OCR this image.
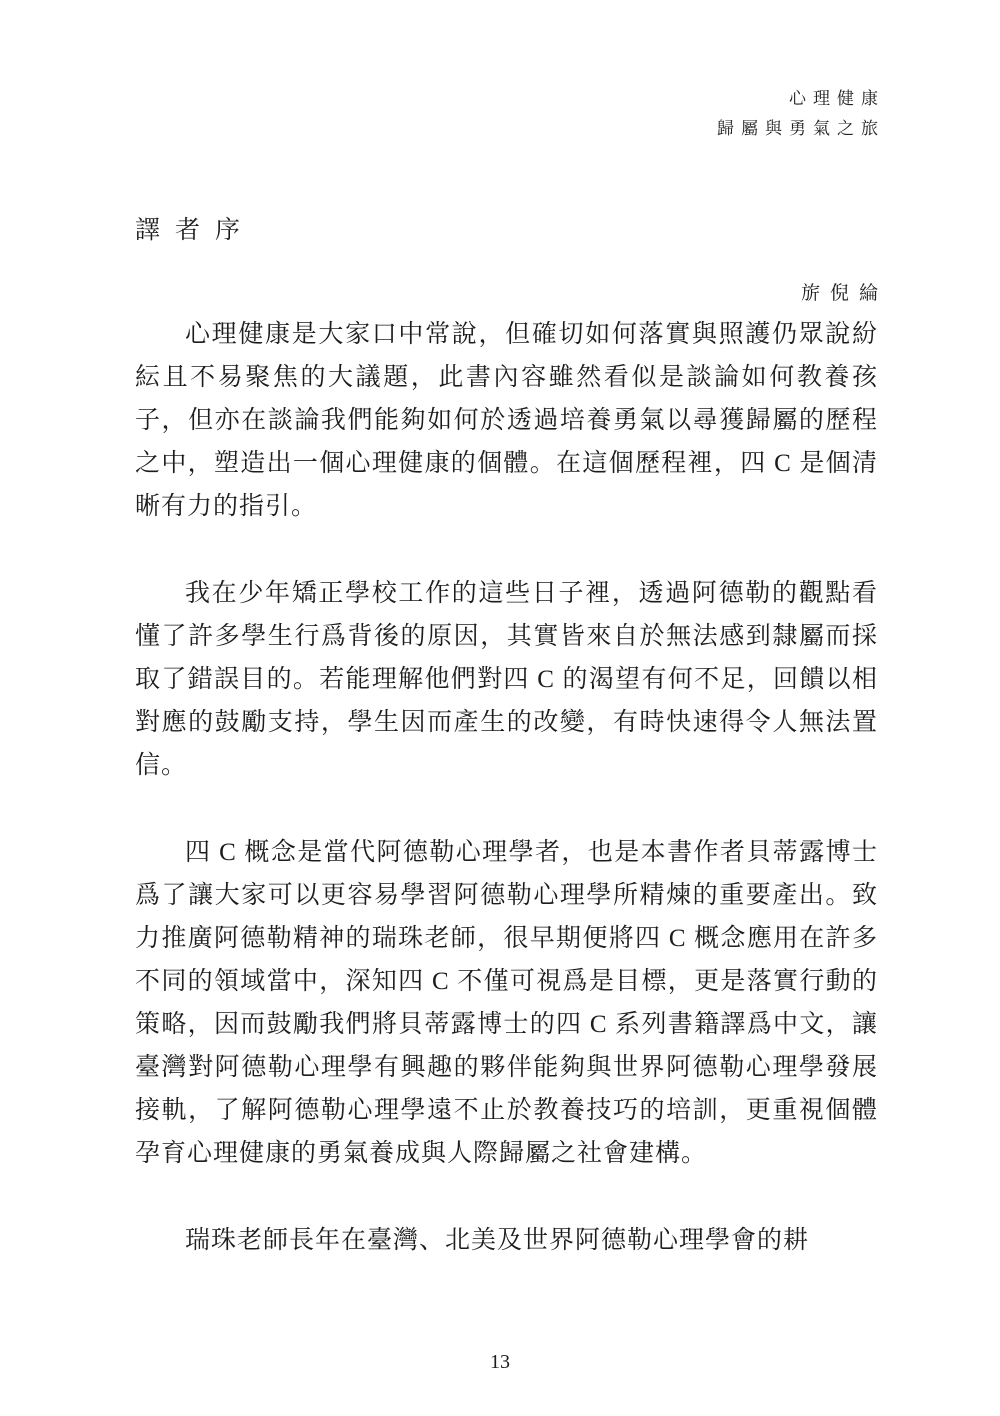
心理健康
歸屬與勇氣之旅
譯者序
旂倪綸

心理健康是大家口中常說，但確切如何落實與照護仍眾說紛紜且不易聚焦的大議題，此書內容雖然看似是談論如何教養孩子，但亦在談論我們能夠如何於透過培養勇氣以尋獲歸屬的歷程之中，塑造出一個心理健康的個體。在這個歷程裡，四 C 是個清晰有力的指引。

我在少年矯正學校工作的這些日子裡，透過阿德勒的觀點看懂了許多學生行爲背後的原因，其實皆來自於無法感到隸屬而採取了錯誤目的。若能理解他們對四 C 的渴望有何不足，回饋以相對應的鼓勵支持，學生因而產生的改變，有時快速得令人無法置信。

四 C 概念是當代阿德勒心理學者，也是本書作者貝蒂露博士爲了讓大家可以更容易學習阿德勒心理學所精煉的重要產出。致力推廣阿德勒精神的瑞珠老師，很早期便將四 C 概念應用在許多不同的領域當中，深知四 C 不僅可視爲是目標，更是落實行動的策略，因而鼓勵我們將貝蒂露博士的四 C 系列書籍譯爲中文，讓臺灣對阿德勒心理學有興趣的夥伴能夠與世界阿德勒心理學發展接軌，了解阿德勒心理學遠不止於教養技巧的培訓，更重視個體孕育心理健康的勇氣養成與人際歸屬之社會建構。

瑞珠老師長年在臺灣、北美及世界阿德勒心理學會的耕

13
